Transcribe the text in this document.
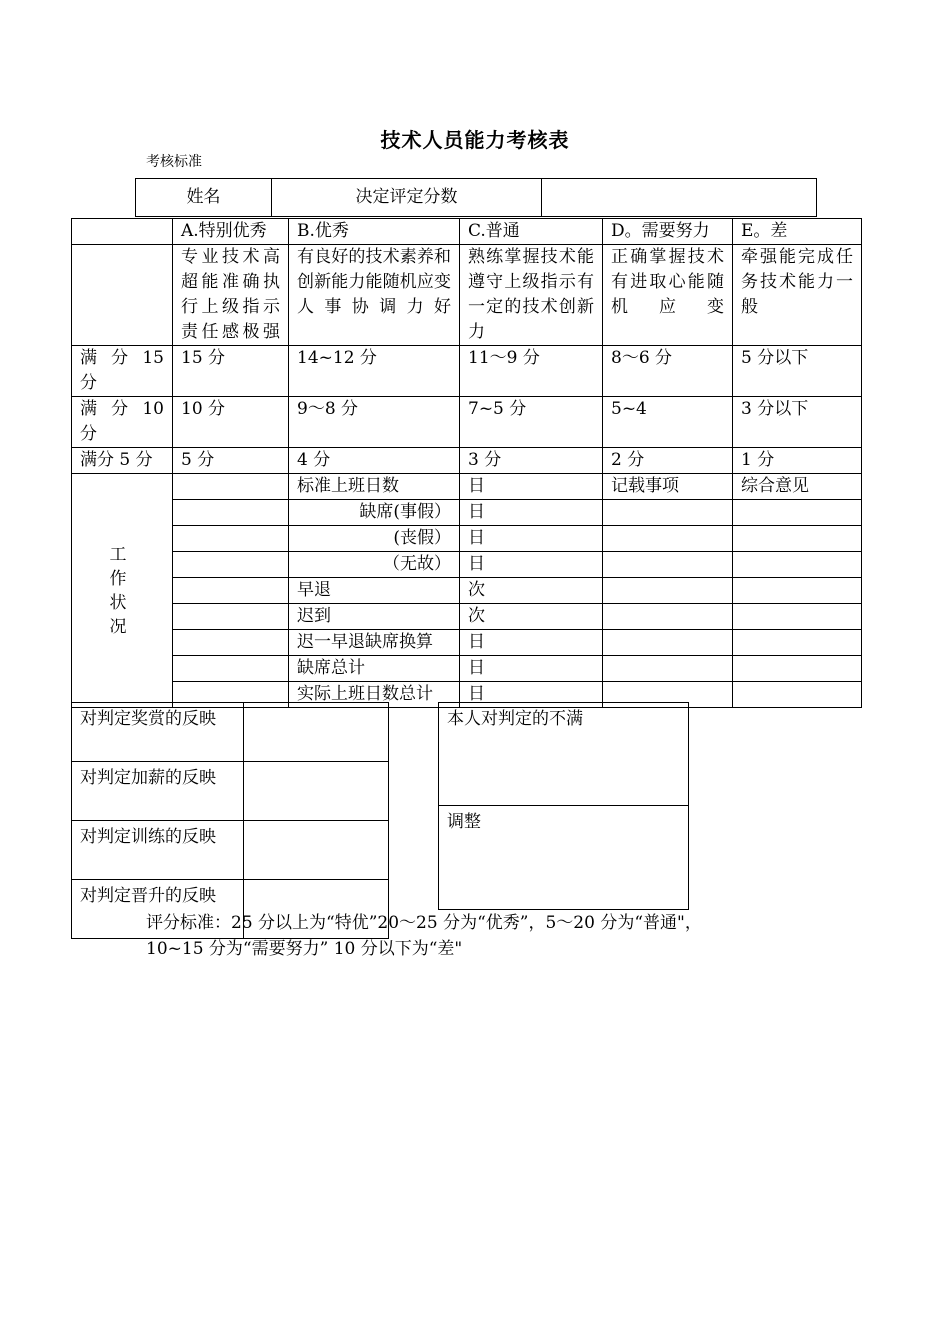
技术人员能力考核表
考核标准
姓名	决定评定分数	
	A.特别优秀	B.优秀	C.普通	D。需要努力	E。差
	专业技术高超能准确执行上级指示责任感极强	有良好的技术素养和创新能力能随机应变人事协调力好	熟练掌握技术能遵守上级指示有一定的技术创新力	正确掌握技术有进取心能随机应变	牵强能完成任务技术能力一般
满 分 15 分	15 分	14~12 分	11～9 分	8～6 分	5 分以下
满 分 10 分	10 分	9～8 分	7~5 分	5~4	3 分以下
满分 5 分	5 分	4 分	3 分	2 分	1 分

工 作 状 况		标准上班日数	日	记载事项	综合意见
		缺席(事假）	日		
		(丧假）	日		
		（无故）	日		
		早退	次		
		迟到	次		
		迟一早退缺席换算	日		
		缺席总计	日		
		实际上班日数总计	日		
对判定奖赏的反映	
对判定加薪的反映	
对判定训练的反映	
对判定晋升的反映	
本人对判定的不满
调整
评分标准：25 分以上为“特优”20～25 分为“优秀”，5～20 分为“普通"，
10~15 分为“需要努力” 10 分以下为“差"
